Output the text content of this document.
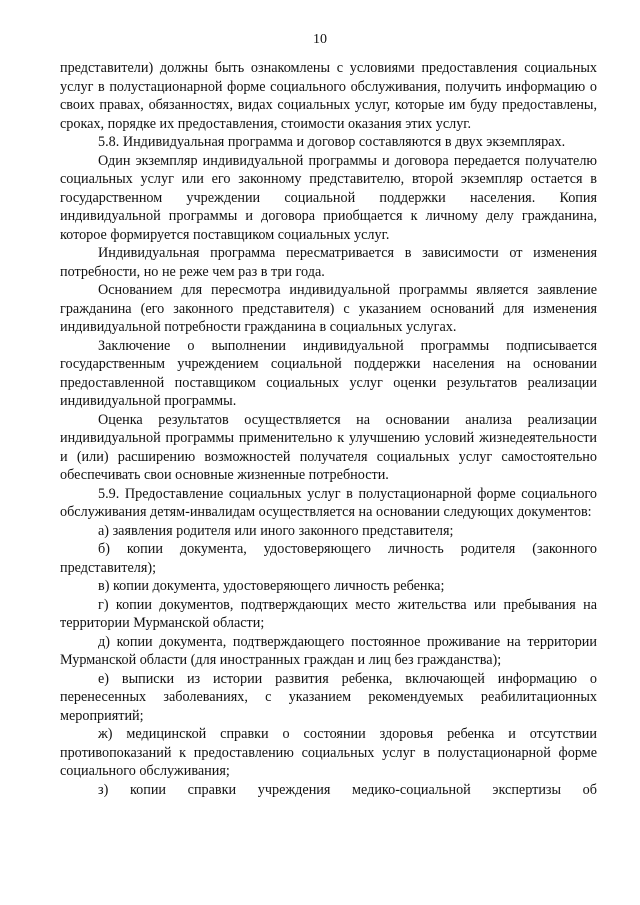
10

представители) должны быть ознакомлены с условиями предоставления социальных услуг в полустационарной форме социального обслуживания, получить информацию о своих правах, обязанностях, видах социальных услуг, которые им буду предоставлены, сроках, порядке их предоставления, стоимости оказания этих услуг.

5.8. Индивидуальная программа и договор составляются в двух экземплярах.

Один экземпляр индивидуальной программы и договора передается получателю социальных услуг или его законному представителю, второй экземпляр остается в государственном учреждении социальной поддержки населения. Копия индивидуальной программы и договора приобщается к личному делу гражданина, которое формируется поставщиком социальных услуг.

Индивидуальная программа пересматривается в зависимости от изменения потребности, но не реже чем раз в три года.

Основанием для пересмотра индивидуальной программы является заявление гражданина (его законного представителя) с указанием оснований для изменения индивидуальной потребности гражданина в социальных услугах.

Заключение о выполнении индивидуальной программы подписывается государственным учреждением социальной поддержки населения на основании предоставленной поставщиком социальных услуг оценки результатов реализации индивидуальной программы.

Оценка результатов осуществляется на основании анализа реализации индивидуальной программы применительно к улучшению условий жизнедеятельности и (или) расширению возможностей получателя социальных услуг самостоятельно обеспечивать свои основные жизненные потребности.

5.9. Предоставление социальных услуг в полустационарной форме социального обслуживания детям-инвалидам осуществляется на основании следующих документов:

а) заявления родителя или иного законного представителя;

б) копии документа, удостоверяющего личность родителя (законного представителя);

в) копии документа, удостоверяющего личность ребенка;

г) копии документов, подтверждающих место жительства или пребывания на территории Мурманской области;

д) копии документа, подтверждающего постоянное проживание на территории Мурманской области (для иностранных граждан и лиц без гражданства);

е) выписки из истории развития ребенка, включающей информацию о перенесенных заболеваниях, с указанием рекомендуемых реабилитационных мероприятий;

ж) медицинской справки о состоянии здоровья ребенка и отсутствии противопоказаний к предоставлению социальных услуг в полустационарной форме социального обслуживания;

з) копии справки учреждения медико-социальной экспертизы об
